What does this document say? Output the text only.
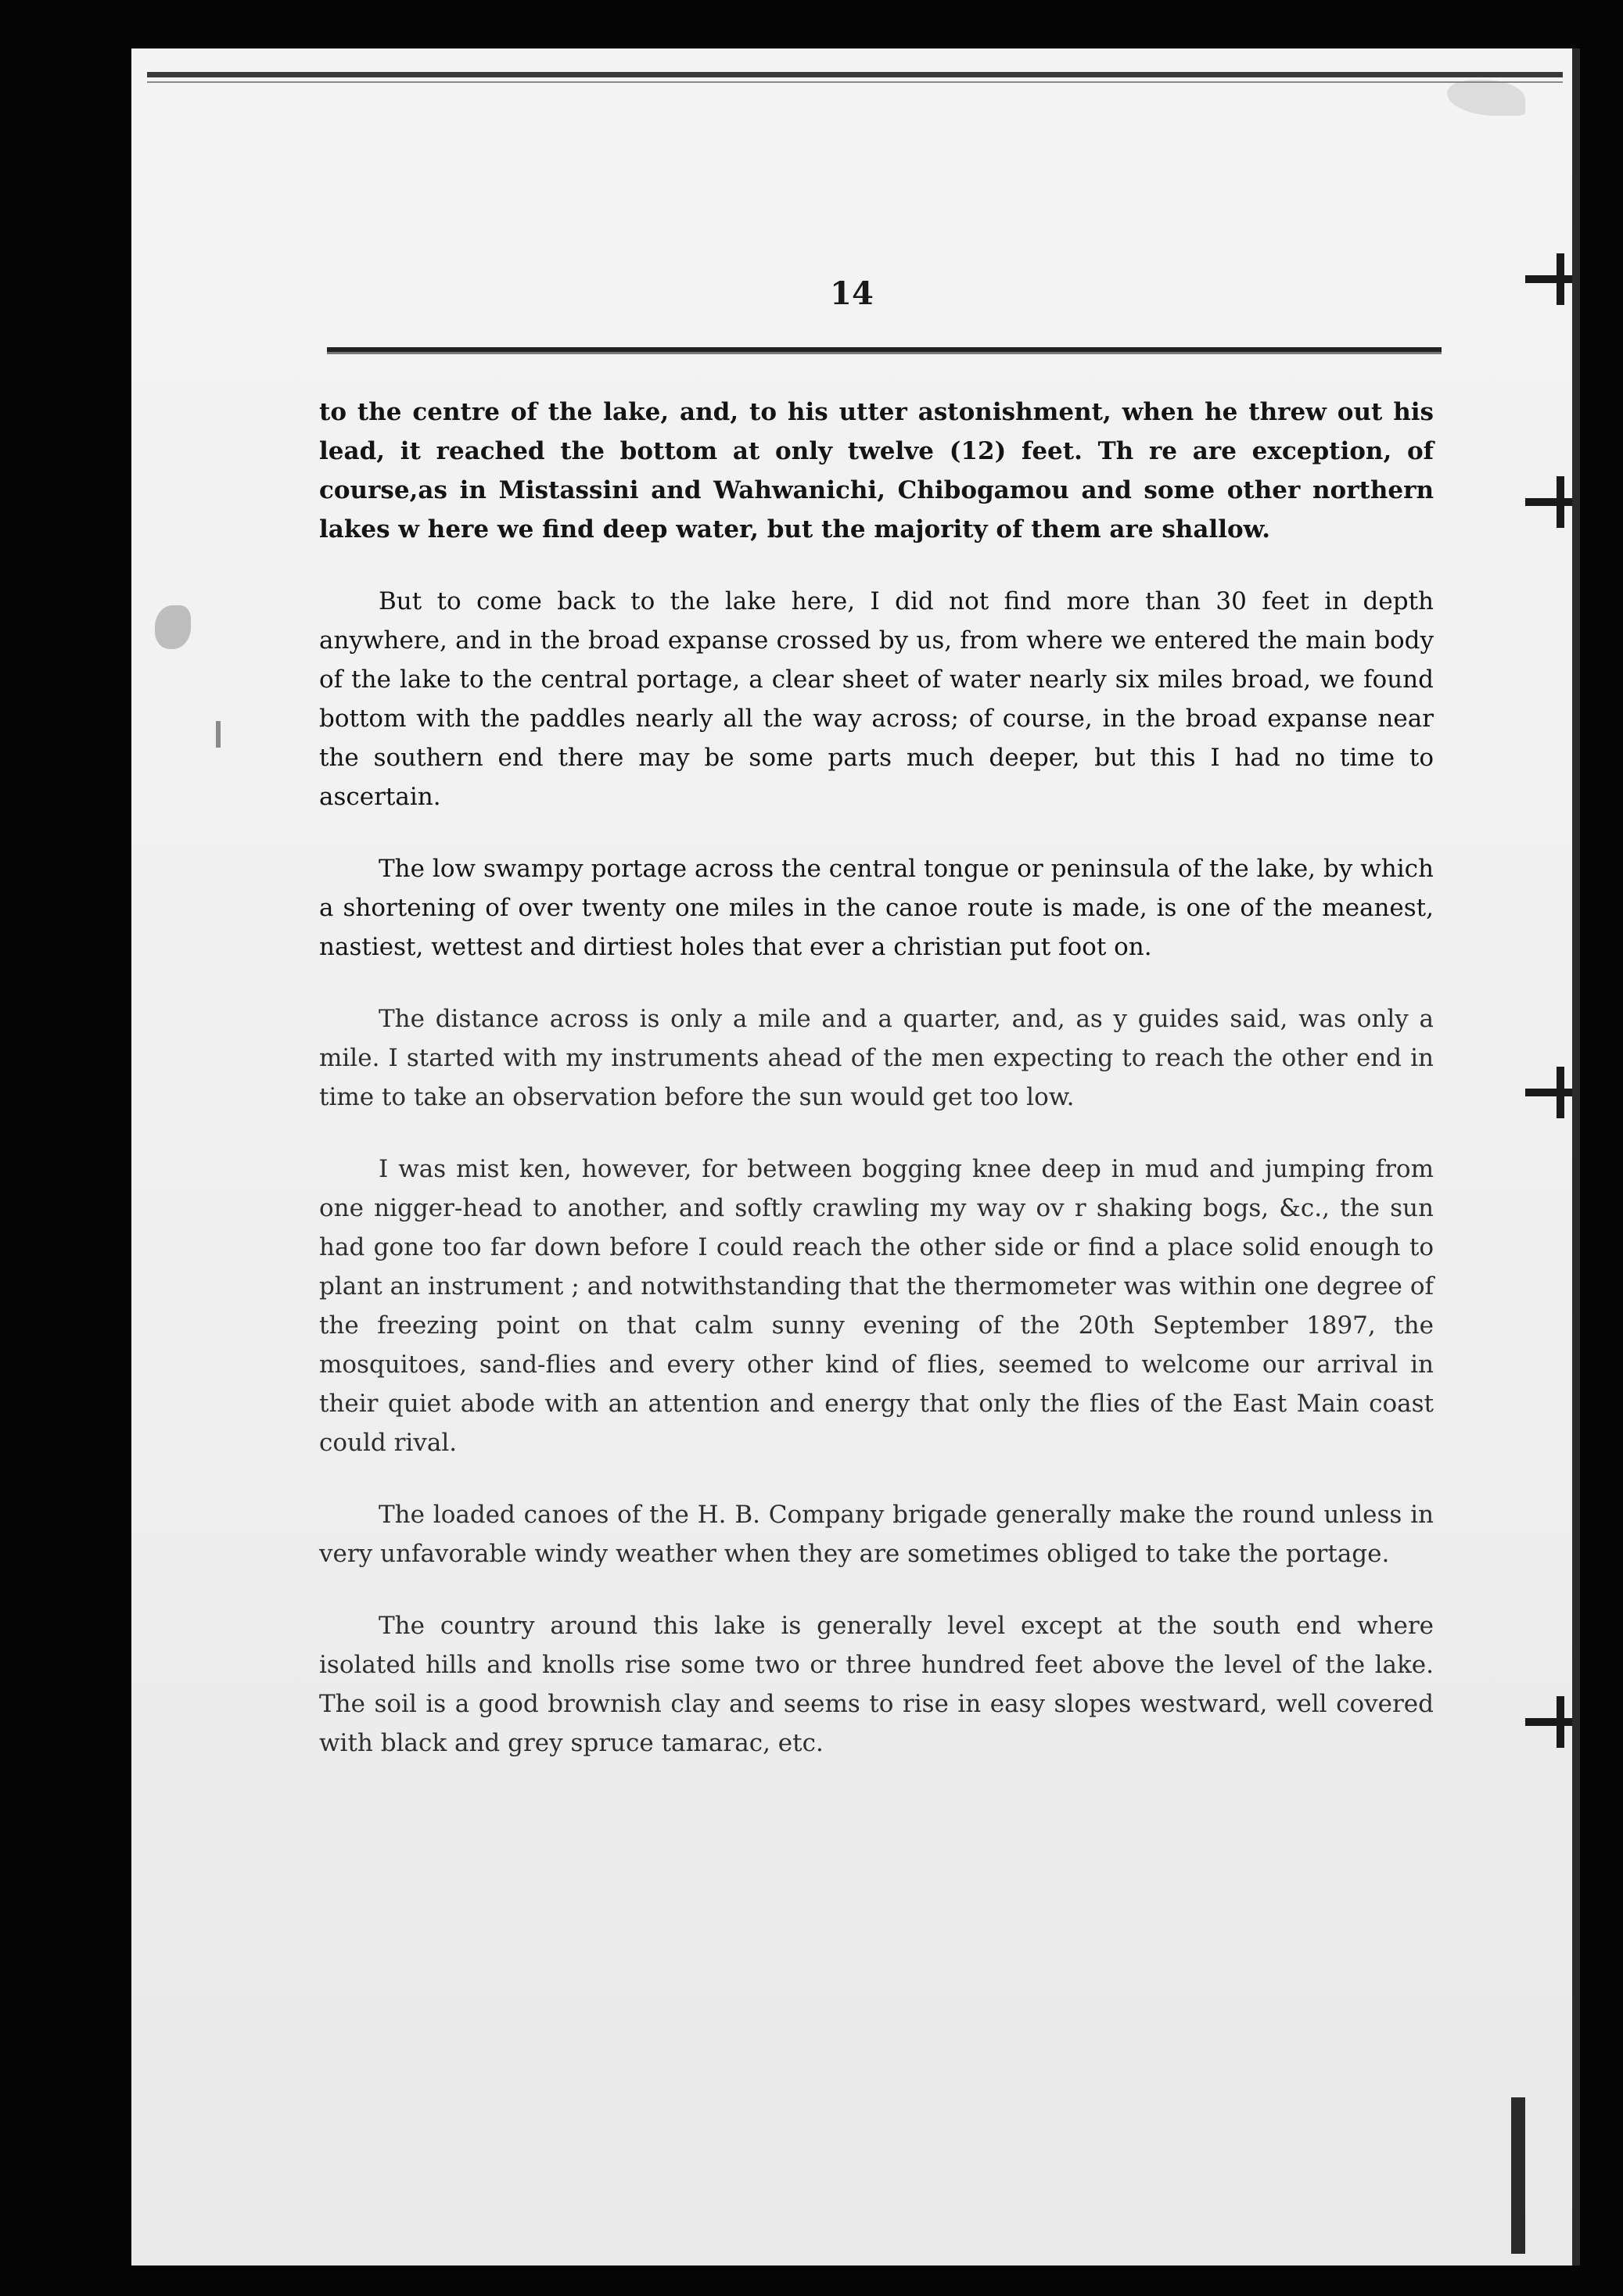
14

to the centre of the lake, and, to his utter astonishment, when he threw out his lead, it reached the bottom at only twelve (12) feet. Th re are exception, of course,as in Mistassini and Wahwanichi, Chibogamou and some other northern lakes w here we find deep water, but the majority of them are shallow.

But to come back to the lake here, I did not find more than 30 feet in depth anywhere, and in the broad expanse crossed by us, from where we entered the main body of the lake to the central portage, a clear sheet of water nearly six miles broad, we found bottom with the paddles nearly all the way across; of course, in the broad expanse near the southern end there may be some parts much deeper, but this I had no time to ascertain.

The low swampy portage across the central tongue or peninsula of the lake, by which a shortening of over twenty one miles in the canoe route is made, is one of the meanest, nastiest, wettest and dirtiest holes that ever a christian put foot on.

The distance across is only a mile and a quarter, and, as y guides said, was only a mile. I started with my instruments ahead of the men expecting to reach the other end in time to take an observation before the sun would get too low.

I was mist ken, however, for between bogging knee deep in mud and jumping from one nigger-head to another, and softly crawling my way ov r shaking bogs, &c., the sun had gone too far down before I could reach the other side or find a place solid enough to plant an instrument ; and notwithstanding that the thermometer was within one degree of the freezing point on that calm sunny evening of the 20th September 1897, the mosquitoes, sand-flies and every other kind of flies, seemed to welcome our arrival in their quiet abode with an attention and energy that only the flies of the East Main coast could rival.

The loaded canoes of the H. B. Company brigade generally make the round unless in very unfavorable windy weather when they are sometimes obliged to take the portage.

The country around this lake is generally level except at the south end where isolated hills and knolls rise some two or three hundred feet above the level of the lake. The soil is a good brownish clay and seems to rise in easy slopes westward, well covered with black and grey spruce tamarac, etc.
